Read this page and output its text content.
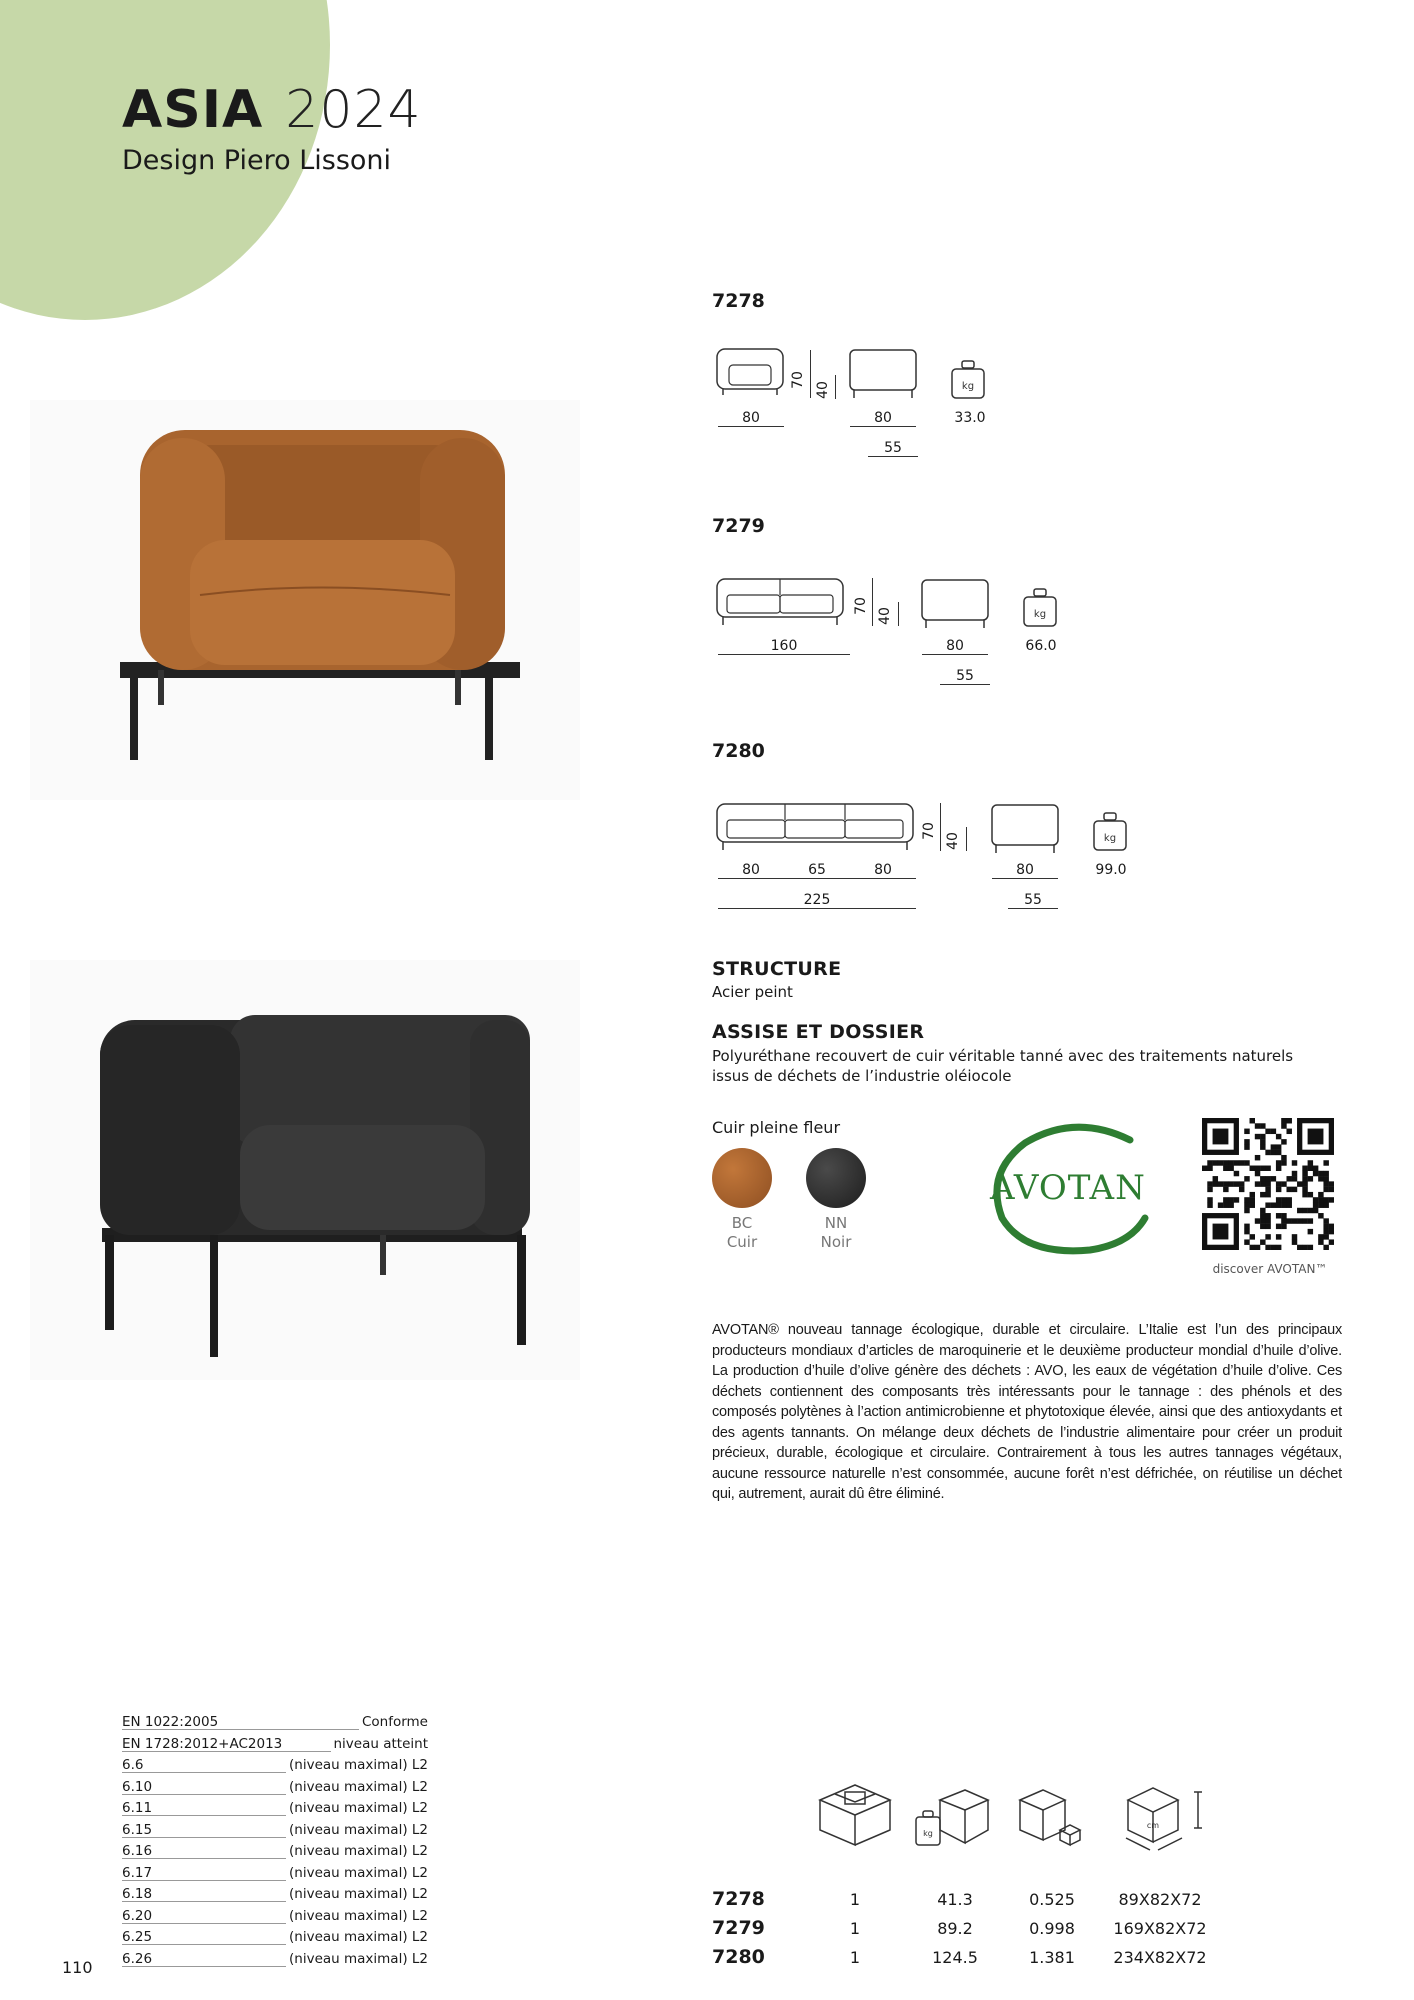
ASIA 2024
Design Piero Lissoni
7278
80
70
40
80
55
kg
33.0
7279
160
70
40
80
55
kg
66.0
7280
80	65	80
225
70
40
80
55
kg
99.0
STRUCTURE
Acier peint
ASSISE ET DOSSIER
Polyuréthane recouvert de cuir véritable tanné avec des traitements naturels
issus de déchets de l’industrie oléiocole
Cuir pleine fleur
BC
Cuir
NN
Noir
AVOTAN
discover AVOTAN™
AVOTAN® nouveau tannage écologique, durable et circulaire. L’Italie est l’un des principaux producteurs mondiaux d’articles de maroquinerie et le deuxième producteur mondial d’huile d’olive. La production d’huile d’olive génère des déchets : AVO, les eaux de végétation d’huile d’olive. Ces déchets contiennent des composants très intéressants pour le tannage : des phénols et des composés polytènes à l’action antimicrobienne et phytotoxique élevée, ainsi que des antioxydants et des agents tannants. On mélange deux déchets de l’industrie alimentaire pour créer un produit précieux, durable, écologique et circulaire. Contrairement à tous les autres tannages végétaux, aucune ressource naturelle n’est consommée, aucune forêt n’est défrichée, on réutilise un déchet qui, autrement, aurait dû être éliminé.
EN 1022:2005	Conforme
EN 1728:2012+AC2013	niveau atteint
6.6	(niveau maximal) L2
6.10	(niveau maximal) L2
6.11	(niveau maximal) L2
6.15	(niveau maximal) L2
6.16	(niveau maximal) L2
6.17	(niveau maximal) L2
6.18	(niveau maximal) L2
6.20	(niveau maximal) L2
6.25	(niveau maximal) L2
6.26	(niveau maximal) L2
110
kg
cm
7278	1	41.3	0.525	89X82X72
7279	1	89.2	0.998	169X82X72
7280	1	124.5	1.381	234X82X72
